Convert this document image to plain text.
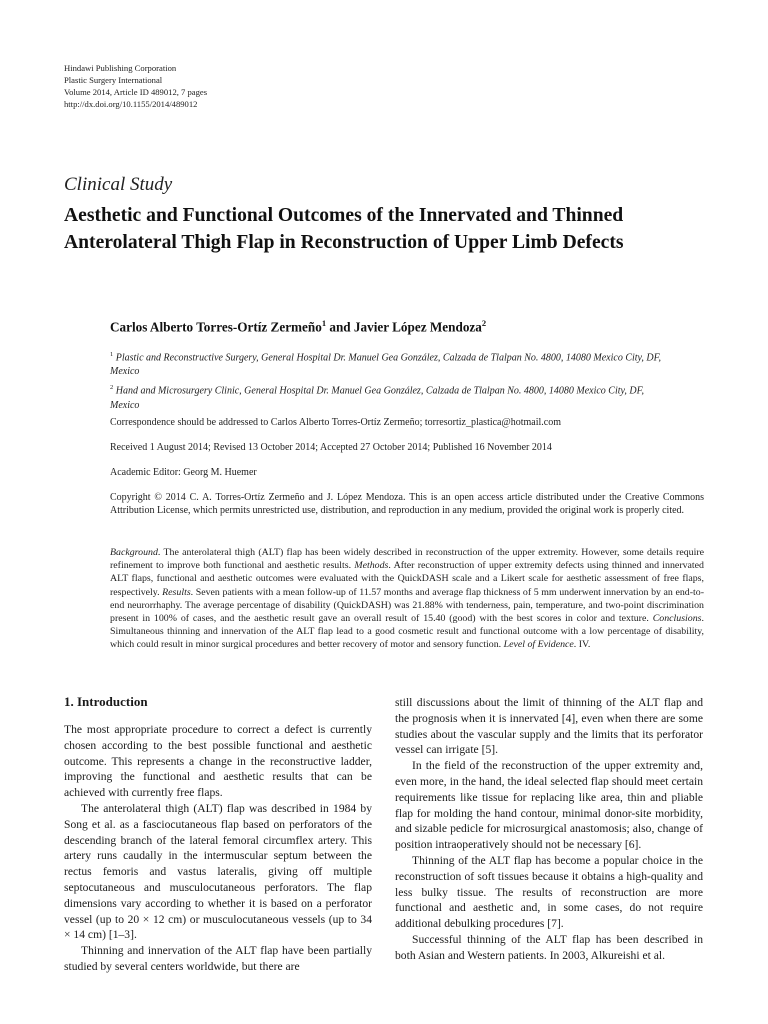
Hindawi Publishing Corporation
Plastic Surgery International
Volume 2014, Article ID 489012, 7 pages
http://dx.doi.org/10.1155/2014/489012
Clinical Study
Aesthetic and Functional Outcomes of the Innervated and Thinned Anterolateral Thigh Flap in Reconstruction of Upper Limb Defects
Carlos Alberto Torres-Ortíz Zermeño$^1$ and Javier López Mendoza$^2$
$^1$ Plastic and Reconstructive Surgery, General Hospital Dr. Manuel Gea González, Calzada de Tlalpan No. 4800, 14080 Mexico City, DF, Mexico
$^2$ Hand and Microsurgery Clinic, General Hospital Dr. Manuel Gea González, Calzada de Tlalpan No. 4800, 14080 Mexico City, DF, Mexico
Correspondence should be addressed to Carlos Alberto Torres-Ortíz Zermeño; torresortiz_plastica@hotmail.com
Received 1 August 2014; Revised 13 October 2014; Accepted 27 October 2014; Published 16 November 2014
Academic Editor: Georg M. Huemer
Copyright © 2014 C. A. Torres-Ortíz Zermeño and J. López Mendoza. This is an open access article distributed under the Creative Commons Attribution License, which permits unrestricted use, distribution, and reproduction in any medium, provided the original work is properly cited.
Background. The anterolateral thigh (ALT) flap has been widely described in reconstruction of the upper extremity. However, some details require refinement to improve both functional and aesthetic results. Methods. After reconstruction of upper extremity defects using thinned and innervated ALT flaps, functional and aesthetic outcomes were evaluated with the QuickDASH scale and a Likert scale for aesthetic assessment of free flaps, respectively. Results. Seven patients with a mean follow-up of 11.57 months and average flap thickness of 5 mm underwent innervation by an end-to-end neurorrhaphy. The average percentage of disability (QuickDASH) was 21.88% with tenderness, pain, temperature, and two-point discrimination present in 100% of cases, and the aesthetic result gave an overall result of 15.40 (good) with the best scores in color and texture. Conclusions. Simultaneous thinning and innervation of the ALT flap lead to a good cosmetic result and functional outcome with a low percentage of disability, which could result in minor surgical procedures and better recovery of motor and sensory function. Level of Evidence. IV.
1. Introduction

The most appropriate procedure to correct a defect is currently chosen according to the best possible functional and aesthetic outcome. This represents a change in the reconstructive ladder, improving the functional and aesthetic results that can be achieved with currently free flaps.

The anterolateral thigh (ALT) flap was described in 1984 by Song et al. as a fasciocutaneous flap based on perforators of the descending branch of the lateral femoral circumflex artery. This artery runs caudally in the intermuscular septum between the rectus femoris and vastus lateralis, giving off multiple septocutaneous and musculocutaneous perforators. The flap dimensions vary according to whether it is based on a perforator vessel (up to 20 × 12 cm) or musculocutaneous vessels (up to 34 × 14 cm) [1–3].

Thinning and innervation of the ALT flap have been partially studied by several centers worldwide, but there are

still discussions about the limit of thinning of the ALT flap and the prognosis when it is innervated [4], even when there are some studies about the vascular supply and the limits that its perforator vessel can irrigate [5].

In the field of the reconstruction of the upper extremity and, even more, in the hand, the ideal selected flap should meet certain requirements like tissue for replacing like area, thin and pliable flap for molding the hand contour, minimal donor-site morbidity, and sizable pedicle for microsurgical anastomosis; also, change of position intraoperatively should not be necessary [6].

Thinning of the ALT flap has become a popular choice in the reconstruction of soft tissues because it obtains a high-quality and less bulky tissue. The results of reconstruction are more functional and aesthetic and, in some cases, do not require additional debulking procedures [7].

Successful thinning of the ALT flap has been described in both Asian and Western patients. In 2003, Alkureishi et al.
